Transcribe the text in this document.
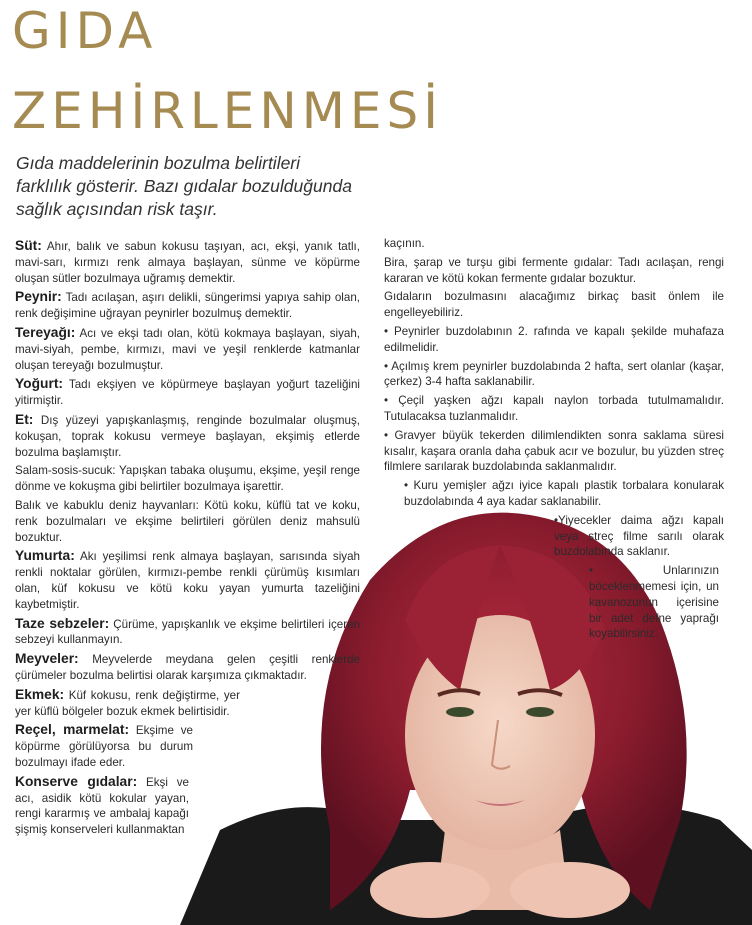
GIDA
ZEHİRLENMESİ
Gıda maddelerinin bozulma belirtileri farklılık gösterir. Bazı gıdalar bozulduğunda sağlık açısından risk taşır.

Süt: Ahır, balık ve sabun kokusu taşıyan, acı, ekşi, yanık tatlı, mavi-sarı, kırmızı renk almaya başlayan, sünme ve köpürme oluşan sütler bozulmaya uğramış demektir.

Peynir: Tadı acılaşan, aşırı delikli, süngerimsi yapıya sahip olan, renk değişimine uğrayan peynirler bozulmuş demektir.

Tereyağı: Acı ve ekşi tadı olan, kötü kokmaya başlayan, siyah, mavi-siyah, pembe, kırmızı, mavi ve yeşil renklerde katmanlar oluşan tereyağı bozulmuştur.

Yoğurt: Tadı ekşiyen ve köpürmeye başlayan yoğurt tazeliğini yitirmiştir.

Et: Dış yüzeyi yapışkanlaşmış, renginde bozulmalar oluşmuş, kokuşan, toprak kokusu vermeye başlayan, ekşimiş etlerde bozulma başlamıştır.

Salam-sosis-sucuk: Yapışkan tabaka oluşumu, ekşime, yeşil renge dönme ve kokuşma gibi belirtiler bozulmaya işarettir.

Balık ve kabuklu deniz hayvanları: Kötü koku, küflü tat ve koku, renk bozulmaları ve ekşime belirtileri görülen deniz mahsulü bozuktur.

Yumurta: Akı yeşilimsi renk almaya başlayan, sarısında siyah renkli noktalar görülen, kırmızı-pembe renkli çürümüş kısımları olan, küf kokusu ve kötü koku yayan yumurta tazeliğini kaybetmiştir.

Taze sebzeler: Çürüme, yapışkanlık ve ekşime belirtileri içeren sebzeyi kullanmayın.

Meyveler: Meyvelerde meydana gelen çeşitli renklerde çürümeler bozulma belirtisi olarak karşımıza çıkmaktadır.

Ekmek: Küf kokusu, renk değiştirme, yer yer küflü bölgeler bozuk ekmek belirtisidir.

Reçel, marmelat: Ekşime ve köpürme görülüyorsa bu durum bozulmayı ifade eder.

Konserve gıdalar: Ekşi ve acı, asidik kötü kokular yayan, rengi kararmış ve ambalaj kapağı şişmiş konserveleri kullanmaktan

kaçının.

Bira, şarap ve turşu gibi fermente gıdalar: Tadı acılaşan, rengi kararan ve kötü kokan fermente gıdalar bozuktur.

Gıdaların bozulmasını alacağımız birkaç basit önlem ile engelleyebiliriz.

• Peynirler buzdolabının 2. rafında ve kapalı şekilde muhafaza edilmelidir.

• Açılmış krem peynirler buzdolabında 2 hafta, sert olanlar (kaşar, çerkez) 3-4 hafta saklanabilir.

• Çeçil yaşken ağzı kapalı naylon torbada tutulmamalıdır. Tutulacaksa tuzlanmalıdır.

• Gravyer büyük tekerden dilimlendikten sonra saklama süresi kısalır, kaşara oranla daha çabuk acır ve bozulur, bu yüzden streç filmlere sarılarak buzdolabında saklanmalıdır.

• Kuru yemişler ağzı iyice kapalı plastik torbalara konularak buzdolabında 4 aya kadar saklanabilir.

•Yiyecekler daima ağzı kapalı veya streç filme sarılı olarak buzdolabında saklanır.

• Unlarınızın böceklenmemesi için, un kavanozunun içerisine bir adet defne yaprağı koyabilirsiniz.
